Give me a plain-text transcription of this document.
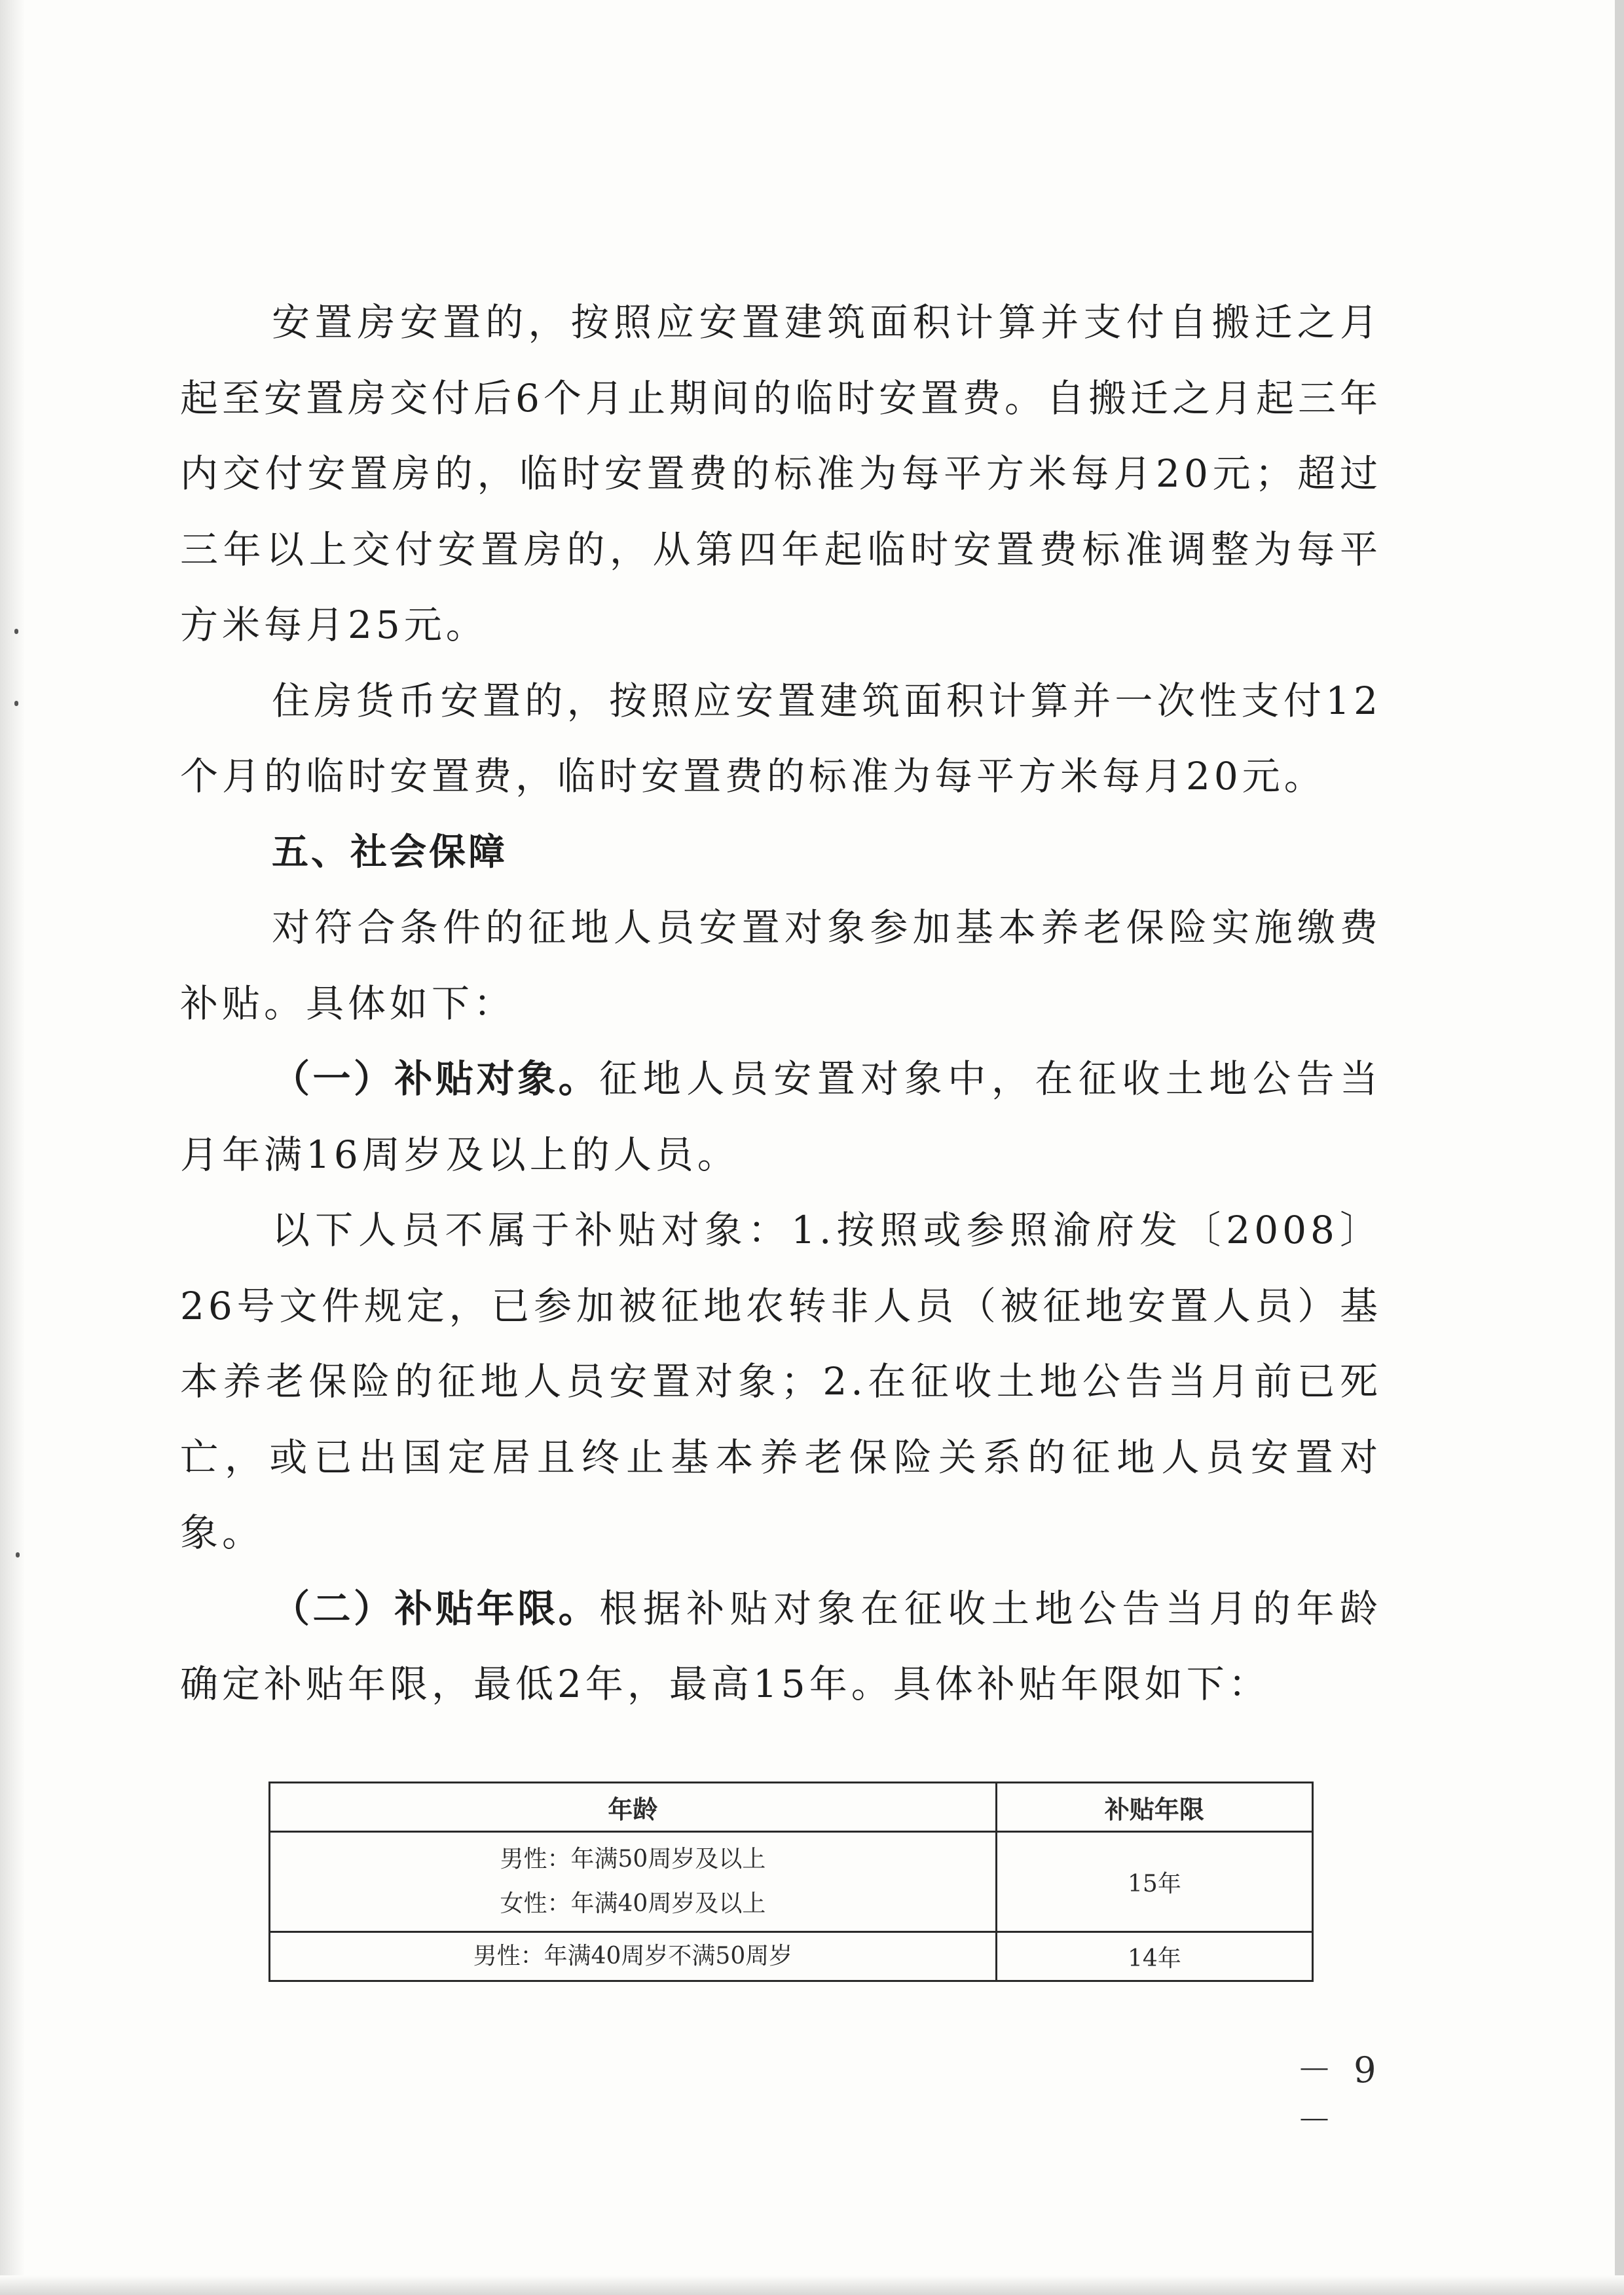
安置房安置的，按照应安置建筑面积计算并支付自搬迁之月起至安置房交付后6个月止期间的临时安置费。自搬迁之月起三年内交付安置房的，临时安置费的标准为每平方米每月20元；超过三年以上交付安置房的，从第四年起临时安置费标准调整为每平方米每月25元。

住房货币安置的，按照应安置建筑面积计算并一次性支付12个月的临时安置费，临时安置费的标准为每平方米每月20元。

五、社会保障

对符合条件的征地人员安置对象参加基本养老保险实施缴费补贴。具体如下：

（一）补贴对象。征地人员安置对象中，在征收土地公告当月年满16周岁及以上的人员。

以下人员不属于补贴对象：1.按照或参照渝府发〔2008〕26号文件规定，已参加被征地农转非人员（被征地安置人员）基本养老保险的征地人员安置对象；2.在征收土地公告当月前已死亡，或已出国定居且终止基本养老保险关系的征地人员安置对象。

（二）补贴年限。根据补贴对象在征收土地公告当月的年龄确定补贴年限，最低2年，最高15年。具体补贴年限如下：

年龄	补贴年限

男性：年满50周岁及以上
女性：年满40周岁及以上	15年

男性：年满40周岁不满50周岁	14年
－ 9 －
